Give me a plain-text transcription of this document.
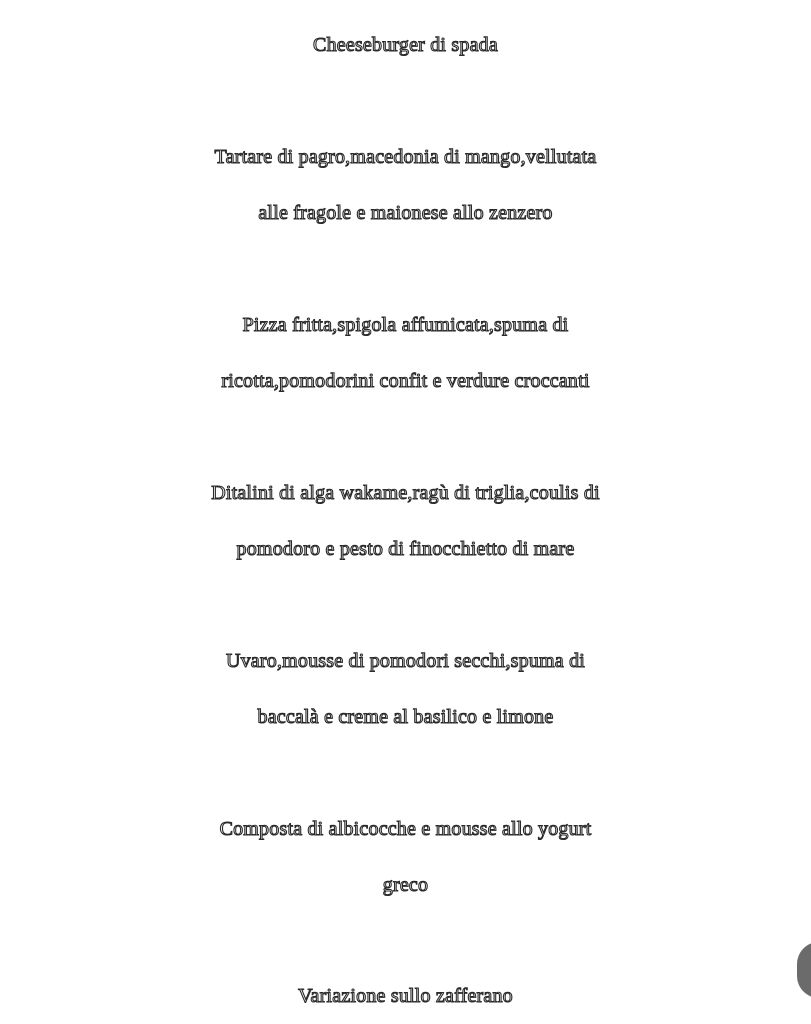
Cheeseburger di spada
Tartare di pagro,macedonia di mango,vellutata
alle fragole e maionese allo zenzero
Pizza fritta,spigola affumicata,spuma di
ricotta,pomodorini confit e verdure croccanti
Ditalini di alga wakame,ragù di triglia,coulis di
pomodoro e pesto di finocchietto di mare
Uvaro,mousse di pomodori secchi,spuma di
baccalà e creme al basilico e limone
Composta di albicocche e mousse allo yogurt
greco
Variazione sullo zafferano
